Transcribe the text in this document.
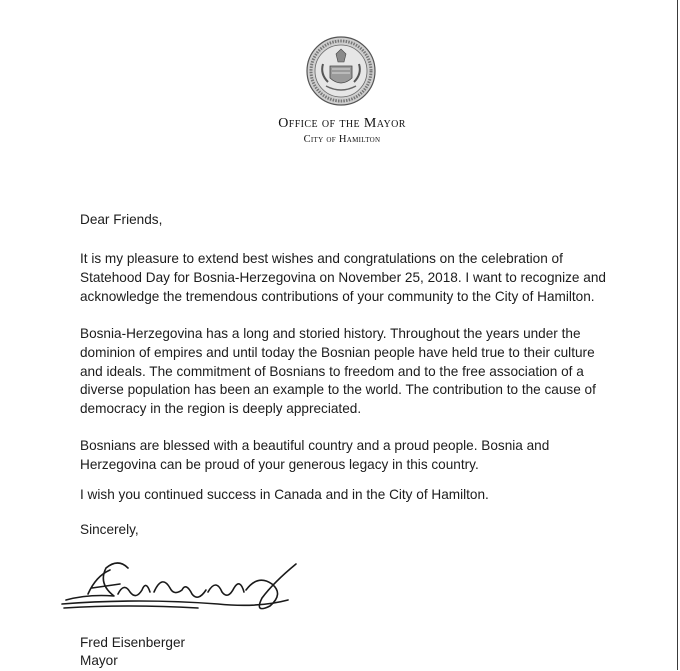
Office of the Mayor
City of Hamilton

Dear Friends,

It is my pleasure to extend best wishes and congratulations on the celebration of
Statehood Day for Bosnia-Herzegovina on November 25, 2018. I want to recognize and
acknowledge the tremendous contributions of your community to the City of Hamilton.

Bosnia-Herzegovina has a long and storied history. Throughout the years under the
dominion of empires and until today the Bosnian people have held true to their culture
and ideals. The commitment of Bosnians to freedom and to the free association of a
diverse population has been an example to the world. The contribution to the cause of
democracy in the region is deeply appreciated.

Bosnians are blessed with a beautiful country and a proud people. Bosnia and
Herzegovina can be proud of your generous legacy in this country.

I wish you continued success in Canada and in the City of Hamilton.

Sincerely,

Fred Eisenberger

Mayor
